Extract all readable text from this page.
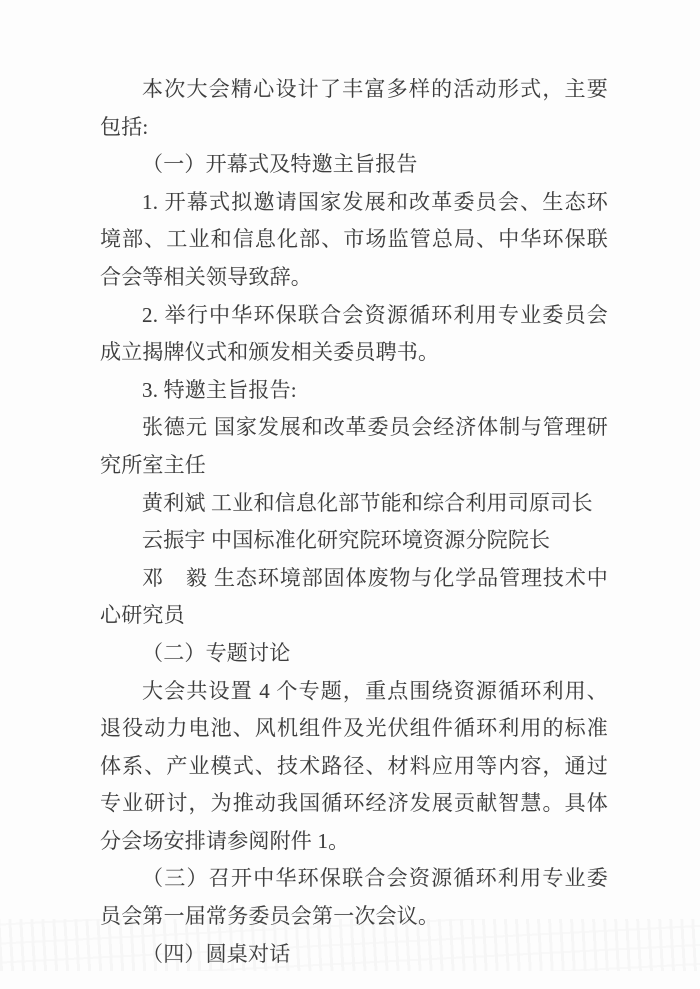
本次大会精心设计了丰富多样的活动形式，主要包括:

（一）开幕式及特邀主旨报告

1. 开幕式拟邀请国家发展和改革委员会、生态环境部、工业和信息化部、市场监管总局、中华环保联合会等相关领导致辞。

2. 举行中华环保联合会资源循环利用专业委员会成立揭牌仪式和颁发相关委员聘书。

3. 特邀主旨报告:

张德元 国家发展和改革委员会经济体制与管理研究所室主任

黄利斌 工业和信息化部节能和综合利用司原司长

云振宇 中国标准化研究院环境资源分院院长

邓　毅 生态环境部固体废物与化学品管理技术中心研究员

（二）专题讨论

大会共设置 4 个专题，重点围绕资源循环利用、退役动力电池、风机组件及光伏组件循环利用的标准体系、产业模式、技术路径、材料应用等内容，通过专业研讨，为推动我国循环经济发展贡献智慧。具体分会场安排请参阅附件 1。

（三）召开中华环保联合会资源循环利用专业委员会第一届常务委员会第一次会议。

（四）圆桌对话
